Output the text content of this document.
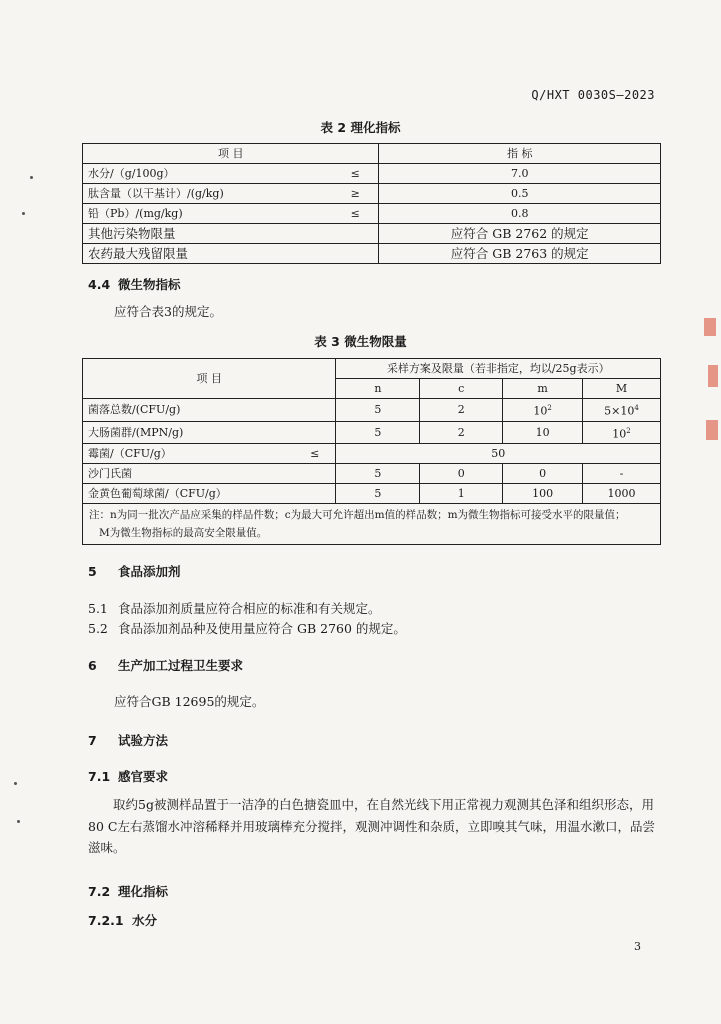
Q/HXT 0030S—2023
表 2 理化指标
项 目		指 标
水分/（g/100g）	≤	7.0
肽含量（以干基计）/(g/kg)	≥	0.5
铅（Pb）/(mg/kg)	≤	0.8
其他污染物限量		应符合 GB 2762 的规定
农药最大残留限量		应符合 GB 2763 的规定
4.4 微生物指标
应符合表3的规定。
表 3 微生物限量
项 目		采样方案及限量（若非指定，均以/25g表示）			
		n	c	m	M
菌落总数/(CFU/g)		5	2	$10^2$	$5\times 10^4$
大肠菌群/(MPN/g)		5	2	10	$10^2$
霉菌/（CFU/g）	≤	50			
沙门氏菌		5	0	0	-
金黄色葡萄球菌/（CFU/g）		5	1	100	1000

注：n为同一批次产品应采集的样品件数；c为最大可允许超出m值的样品数；m为微生物指标可接受水平的限量值；
M为微生物指标的最高安全限量值。					
5 食品添加剂
5.1 食品添加剂质量应符合相应的标准和有关规定。
5.2 食品添加剂品种及使用量应符合 GB 2760 的规定。
6 生产加工过程卫生要求
应符合GB 12695的规定。
7 试验方法
7.1 感官要求
取约5g被测样品置于一洁净的白色搪瓷皿中，在自然光线下用正常视力观测其色泽和组织形态，用80 C左右蒸馏水冲溶稀释并用玻璃棒充分搅拌，观测冲调性和杂质，立即嗅其气味，用温水漱口，品尝滋味。
7.2 理化指标
7.2.1 水分
3
